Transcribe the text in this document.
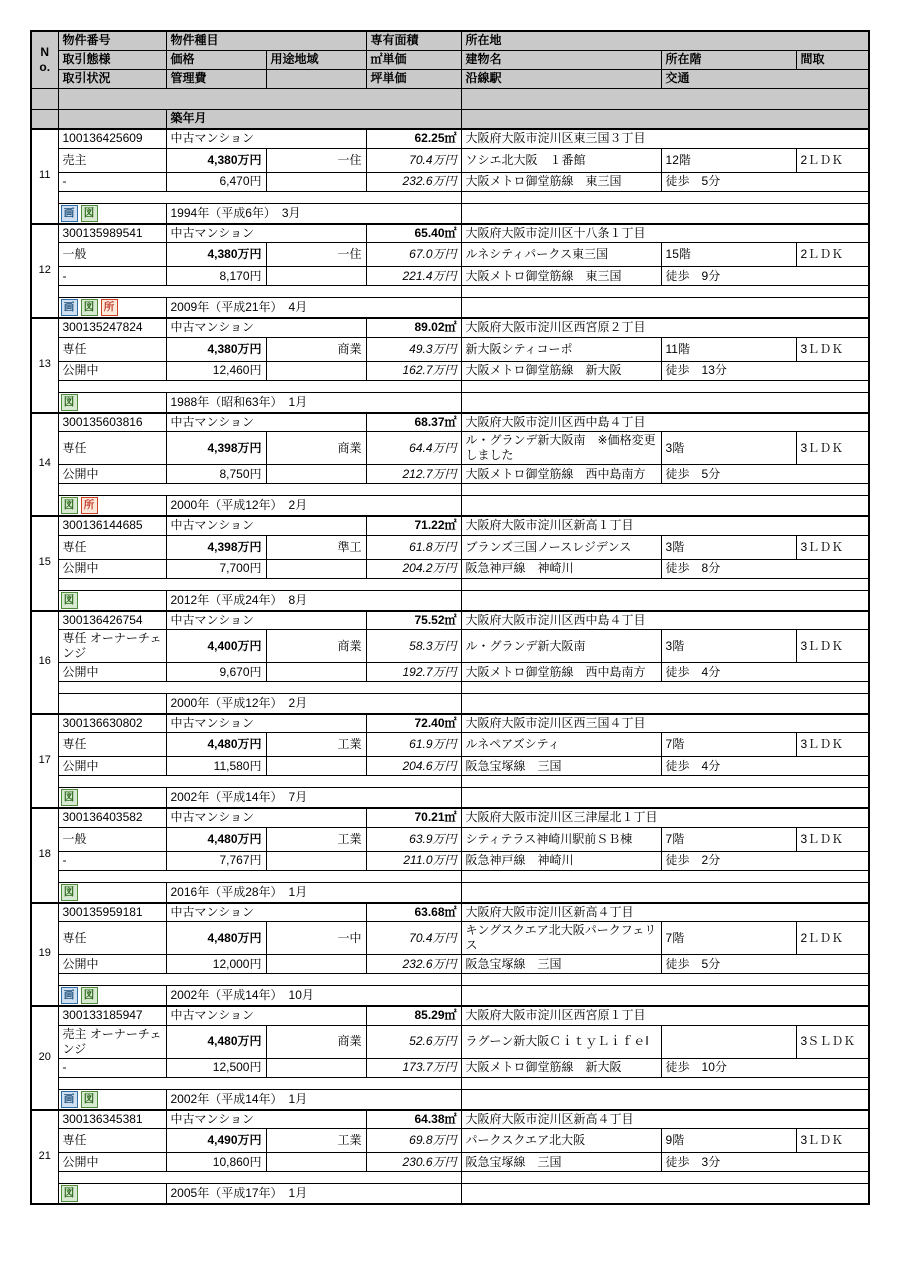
No.	物件番号	物件種目		専有面積	所在地		
	取引態様	価格	用途地域	㎡単価	建物名	所在階	間取
	取引状況	管理費		坪単価	沿線駅	交通	

		築年月					
11	100136425609	中古マンション		62.25㎡	大阪府大阪市淀川区東三国３丁目		
	売主	4,380万円	一住	70.4万円	ソシエ北大阪　１番館	12階	2ＬＤＫ
	-	6,470円		232.6万円	大阪メトロ御堂筋線　東三国	徒歩　5分	

	画 図	1994年（平成6年）　3月					
12	300135989541	中古マンション		65.40㎡	大阪府大阪市淀川区十八条１丁目		
	一般	4,380万円	一住	67.0万円	ルネシティパークス東三国	15階	2ＬＤＫ
	-	8,170円		221.4万円	大阪メトロ御堂筋線　東三国	徒歩　9分	

	画 図 所	2009年（平成21年）　4月					
13	300135247824	中古マンション		89.02㎡	大阪府大阪市淀川区西宮原２丁目		
	専任	4,380万円	商業	49.3万円	新大阪シティコーポ	11階	3ＬＤＫ
	公開中	12,460円		162.7万円	大阪メトロ御堂筋線　新大阪	徒歩　13分	

	図	1988年（昭和63年）　1月					
14	300135603816	中古マンション		68.37㎡	大阪府大阪市淀川区西中島４丁目		
	専任	4,398万円	商業	64.4万円	ル・グランデ新大阪南　※価格変更しました	3階	3ＬＤＫ
	公開中	8,750円		212.7万円	大阪メトロ御堂筋線　西中島南方	徒歩　5分	

	図 所	2000年（平成12年）　2月					
15	300136144685	中古マンション		71.22㎡	大阪府大阪市淀川区新高１丁目		
	専任	4,398万円	準工	61.8万円	ブランズ三国ノースレジデンス	3階	3ＬＤＫ
	公開中	7,700円		204.2万円	阪急神戸線　神崎川	徒歩　8分	

	図	2012年（平成24年）　8月					
16	300136426754	中古マンション		75.52㎡	大阪府大阪市淀川区西中島４丁目		
	専任 オーナーチェンジ	4,400万円	商業	58.3万円	ル・グランデ新大阪南	3階	3ＬＤＫ
	公開中	9,670円		192.7万円	大阪メトロ御堂筋線　西中島南方	徒歩　4分	

		2000年（平成12年）　2月					
17	300136630802	中古マンション		72.40㎡	大阪府大阪市淀川区西三国４丁目		
	専任	4,480万円	工業	61.9万円	ルネペアズシティ	7階	3ＬＤＫ
	公開中	11,580円		204.6万円	阪急宝塚線　三国	徒歩　4分	

	図	2002年（平成14年）　7月					
18	300136403582	中古マンション		70.21㎡	大阪府大阪市淀川区三津屋北１丁目		
	一般	4,480万円	工業	63.9万円	シティテラス神崎川駅前ＳＢ棟	7階	3ＬＤＫ
	-	7,767円		211.0万円	阪急神戸線　神崎川	徒歩　2分	

	図	2016年（平成28年）　1月					
19	300135959181	中古マンション		63.68㎡	大阪府大阪市淀川区新高４丁目		
	専任	4,480万円	一中	70.4万円	キングスクエア北大阪パークフェリス	7階	2ＬＤＫ
	公開中	12,000円		232.6万円	阪急宝塚線　三国	徒歩　5分	

	画 図	2002年（平成14年）　10月					
20	300133185947	中古マンション		85.29㎡	大阪府大阪市淀川区西宮原１丁目		
	売主 オーナーチェンジ	4,480万円	商業	52.6万円	ラグーン新大阪ＣｉｔｙＬｉｆｅⅠ		3ＳＬＤＫ
	-	12,500円		173.7万円	大阪メトロ御堂筋線　新大阪	徒歩　10分	

	画 図	2002年（平成14年）　1月					
21	300136345381	中古マンション		64.38㎡	大阪府大阪市淀川区新高４丁目		
	専任	4,490万円	工業	69.8万円	パークスクエア北大阪	9階	3ＬＤＫ
	公開中	10,860円		230.6万円	阪急宝塚線　三国	徒歩　3分	

	図	2005年（平成17年）　1月					
